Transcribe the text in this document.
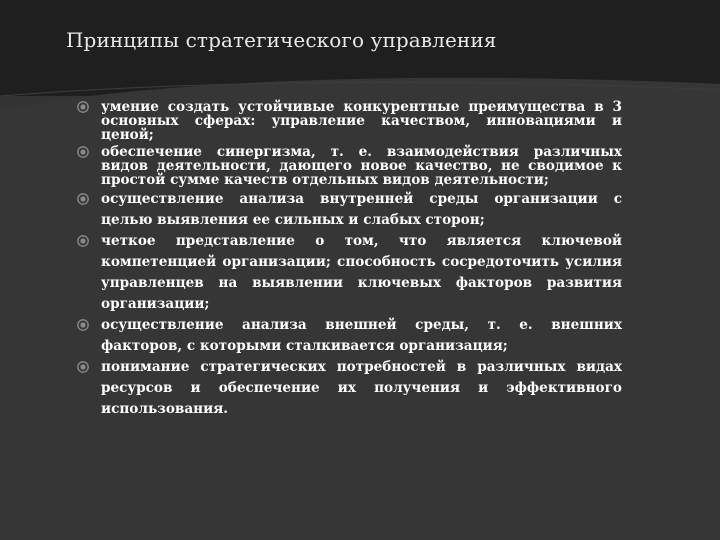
Принципы стратегического управления
умение создать устойчивые конкурентные преимущества в 3 основных сферах: управление качеством, инновациями и ценой;
обеспечение синергизма, т. е. взаимодействия различных видов деятельности, дающего новое качество, не сводимое к простой сумме качеств отдельных видов деятельности;
осуществление анализа внутренней среды организации с целью выявления ее сильных и слабых сторон;
четкое представление о том, что является ключевой компетенцией организации; способность сосредоточить усилия управленцев на выявлении ключевых факторов развития организации;
осуществление анализа внешней среды, т. е. внешних факторов, с которыми сталкивается организация;
понимание стратегических потребностей в различных видах ресурсов и обеспечение их получения и эффективного использования.
